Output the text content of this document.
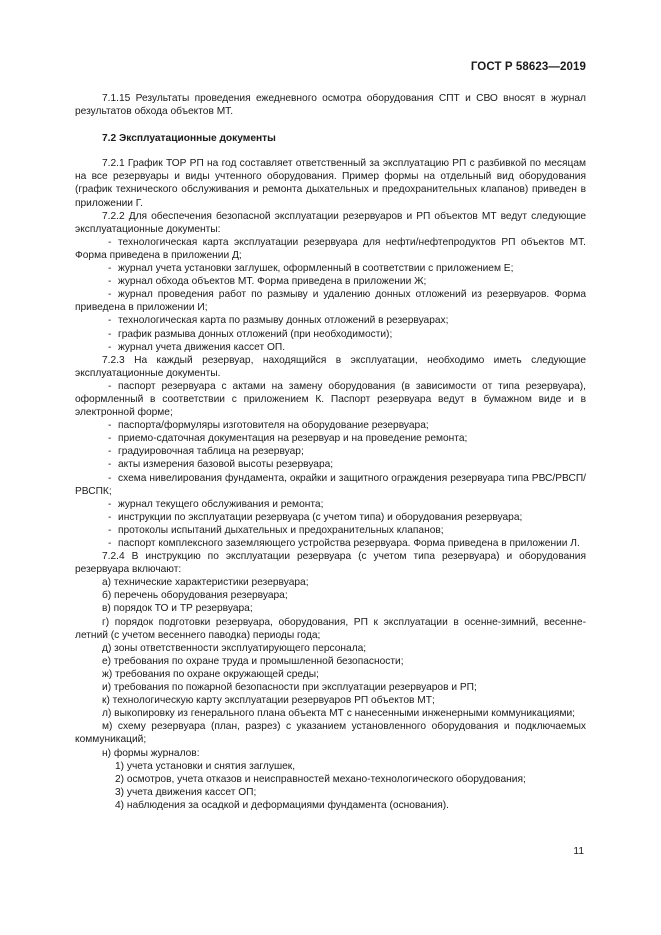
ГОСТ Р 58623—2019

7.1.15 Результаты проведения ежедневного осмотра оборудования СПТ и СВО вносят в журнал результатов обхода объектов МТ.

7.2 Эксплуатационные документы

7.2.1 График ТОР РП на год составляет ответственный за эксплуатацию РП с разбивкой по месяцам на все резервуары и виды учтенного оборудования. Пример формы на отдельный вид оборудования (график технического обслуживания и ремонта дыхательных и предохранительных клапанов) приведен в приложении Г.

7.2.2 Для обеспечения безопасной эксплуатации резервуаров и РП объектов МТ ведут следующие эксплуатационные документы:

- технологическая карта эксплуатации резервуара для нефти/нефтепродуктов РП объектов МТ. Форма приведена в приложении Д;

- журнал учета установки заглушек, оформленный в соответствии с приложением Е;

- журнал обхода объектов МТ. Форма приведена в приложении Ж;

- журнал проведения работ по размыву и удалению донных отложений из резервуаров. Форма приведена в приложении И;

- технологическая карта по размыву донных отложений в резервуарах;

- график размыва донных отложений (при необходимости);

- журнал учета движения кассет ОП.

7.2.3 На каждый резервуар, находящийся в эксплуатации, необходимо иметь следующие эксплуатационные документы.

- паспорт резервуара с актами на замену оборудования (в зависимости от типа резервуара), оформленный в соответствии с приложением К. Паспорт резервуара ведут в бумажном виде и в электронной форме;

- паспорта/формуляры изготовителя на оборудование резервуара;

- приемо-сдаточная документация на резервуар и на проведение ремонта;

- градуировочная таблица на резервуар;

- акты измерения базовой высоты резервуара;

- схема нивелирования фундамента, окрайки и защитного ограждения резервуара типа РВС/РВСП/РВСПК;

- журнал текущего обслуживания и ремонта;

- инструкции по эксплуатации резервуара (с учетом типа) и оборудования резервуара;

- протоколы испытаний дыхательных и предохранительных клапанов;

- паспорт комплексного заземляющего устройства резервуара. Форма приведена в приложении Л.

7.2.4 В инструкцию по эксплуатации резервуара (с учетом типа резервуара) и оборудования резервуара включают:

а) технические характеристики резервуара;

б) перечень оборудования резервуара;

в) порядок ТО и ТР резервуара;

г) порядок подготовки резервуара, оборудования, РП к эксплуатации в осенне-зимний, весенне-летний (с учетом весеннего паводка) периоды года;

д) зоны ответственности эксплуатирующего персонала;

е) требования по охране труда и промышленной безопасности;

ж) требования по охране окружающей среды;

и) требования по пожарной безопасности при эксплуатации резервуаров и РП;

к) технологическую карту эксплуатации резервуаров РП объектов МТ;

л) выкопировку из генерального плана объекта МТ с нанесенными инженерными коммуникациями;

м) схему резервуара (план, разрез) с указанием установленного оборудования и подключаемых коммуникаций;

н) формы журналов:

1) учета установки и снятия заглушек,

2) осмотров, учета отказов и неисправностей механо-технологического оборудования;

3) учета движения кассет ОП;

4) наблюдения за осадкой и деформациями фундамента (основания).

11
